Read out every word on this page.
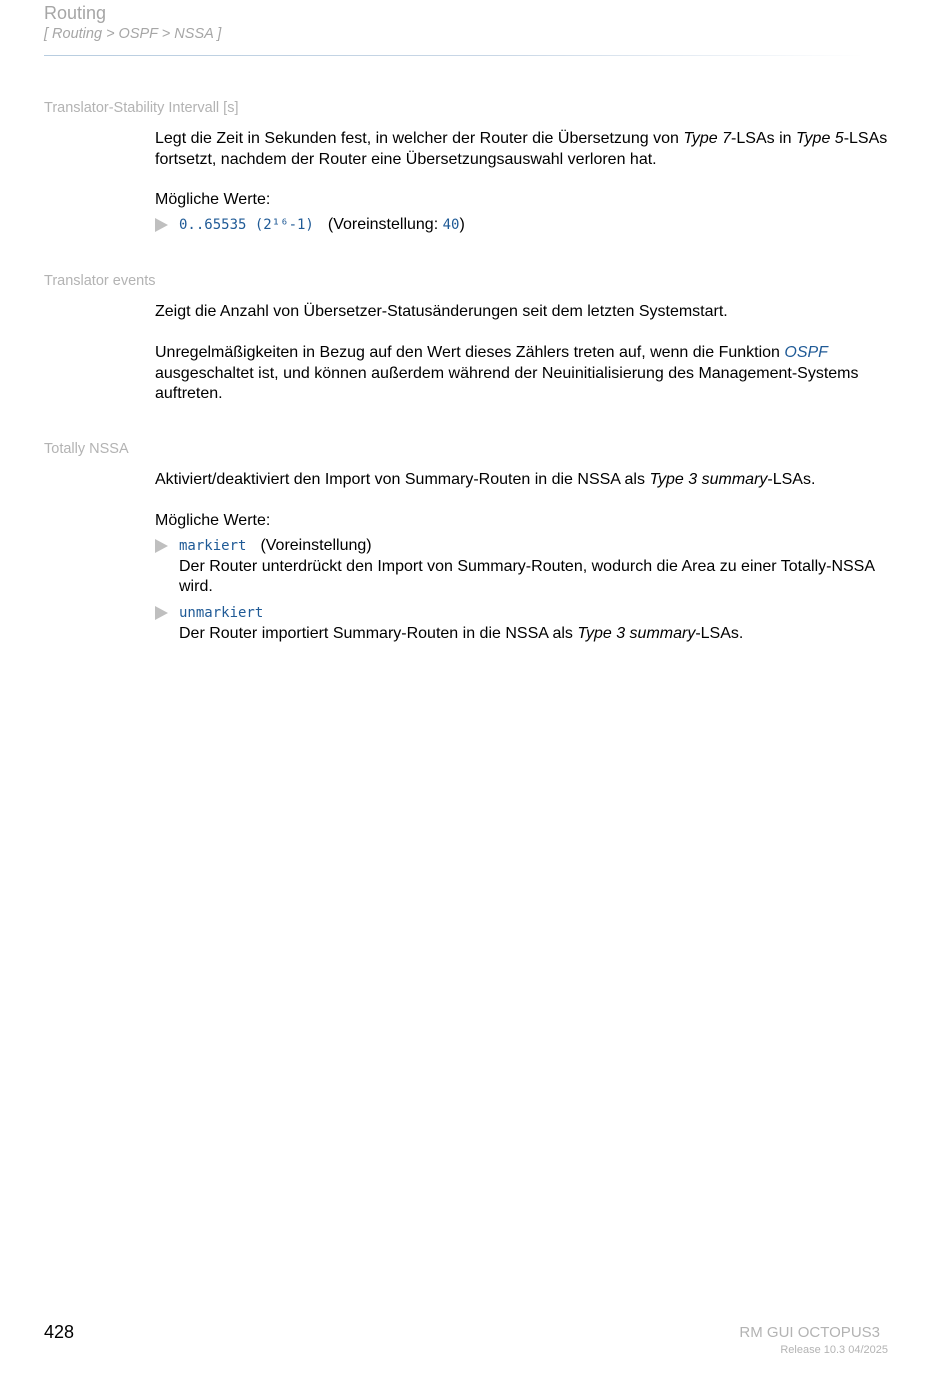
Routing
[ Routing > OSPF > NSSA ]
Translator-Stability Intervall [s]
Legt die Zeit in Sekunden fest, in welcher der Router die Übersetzung von Type 7-LSAs in Type 5-LSAs fortsetzt, nachdem der Router eine Übersetzungsauswahl verloren hat.
Mögliche Werte:
0..65535 (2¹⁶-1) (Voreinstellung: 40)
Translator events
Zeigt die Anzahl von Übersetzer-Statusänderungen seit dem letzten Systemstart.
Unregelmäßigkeiten in Bezug auf den Wert dieses Zählers treten auf, wenn die Funktion OSPF ausgeschaltet ist, und können außerdem während der Neuinitialisierung des Management-Systems auftreten.
Totally NSSA
Aktiviert/deaktiviert den Import von Summary-Routen in die NSSA als Type 3 summary-LSAs.
Mögliche Werte:
markiert (Voreinstellung)
Der Router unterdrückt den Import von Summary-Routen, wodurch die Area zu einer Totally-NSSA wird.
unmarkiert
Der Router importiert Summary-Routen in die NSSA als Type 3 summary-LSAs.
428	RM GUI OCTOPUS3
Release 10.3 04/2025
